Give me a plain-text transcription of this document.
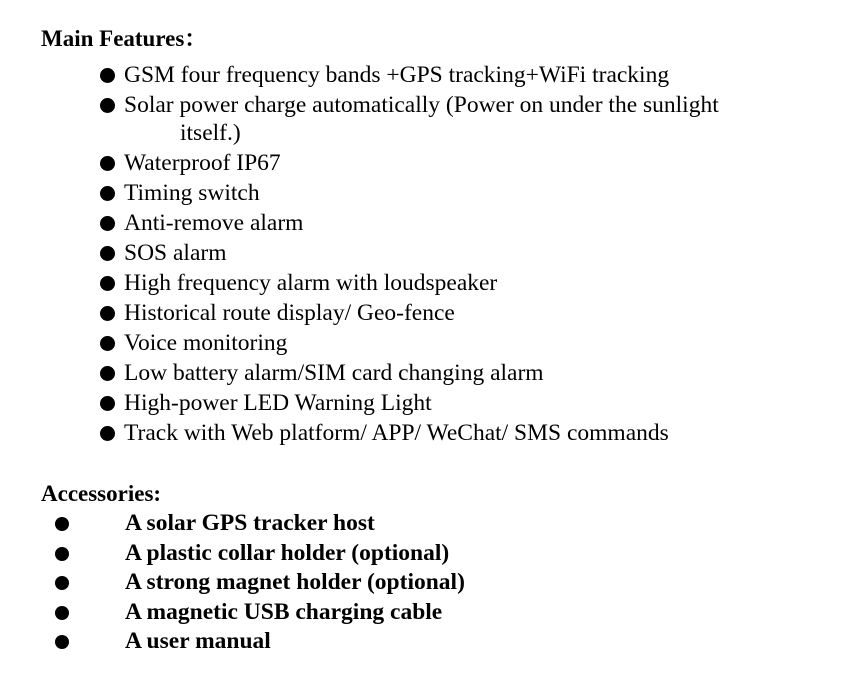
Main Features：
GSM four frequency bands +GPS tracking+WiFi tracking
Solar power charge automatically (Power on under the sunlight
itself.)
Waterproof IP67
Timing switch
Anti-remove alarm
SOS alarm
High frequency alarm with loudspeaker
Historical route display/ Geo-fence
Voice monitoring
Low battery alarm/SIM card changing alarm
High-power LED Warning Light
Track with Web platform/ APP/ WeChat/ SMS commands
Accessories:
A solar GPS tracker host
A plastic collar holder (optional)
A strong magnet holder (optional)
A magnetic USB charging cable
A user manual
